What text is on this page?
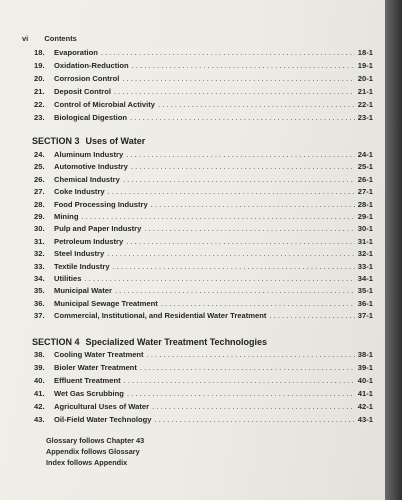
vi Contents
18.	Evaporation . . .	18-1
19.	Oxidation-Reduction . . .	19-1
20.	Corrosion Control . . .	20-1
21.	Deposit Control . . .	21-1
22.	Control of Microbial Activity . . .	22-1
23.	Biological Digestion . . .	23-1
SECTION 3 Uses of Water
24.	Aluminum Industry . . .	24-1
25.	Automotive Industry . . .	25-1
26.	Chemical Industry . . .	26-1
27.	Coke Industry . . .	27-1
28.	Food Processing Industry . . .	28-1
29.	Mining . . .	29-1
30.	Pulp and Paper Industry . . .	30-1
31.	Petroleum Industry . . .	31-1
32.	Steel Industry . . .	32-1
33.	Textile Industry . . .	33-1
34.	Utilities . . .	34-1
35.	Municipal Water . . .	35-1
36.	Municipal Sewage Treatment . . .	36-1
37.	Commercial, Institutional, and Residential Water Treatment . . .	37-1
SECTION 4 Specialized Water Treatment Technologies
38.	Cooling Water Treatment . . .	38-1
39.	Bioler Water Treatment . . .	39-1
40.	Effluent Treatment . . .	40-1
41.	Wet Gas Scrubbing . . .	41-1
42.	Agricultural Uses of Water . . .	42-1
43.	Oil-Field Water Technology . . .	43-1
Glossary follows Chapter 43
Appendix follows Glossary
Index follows Appendix
